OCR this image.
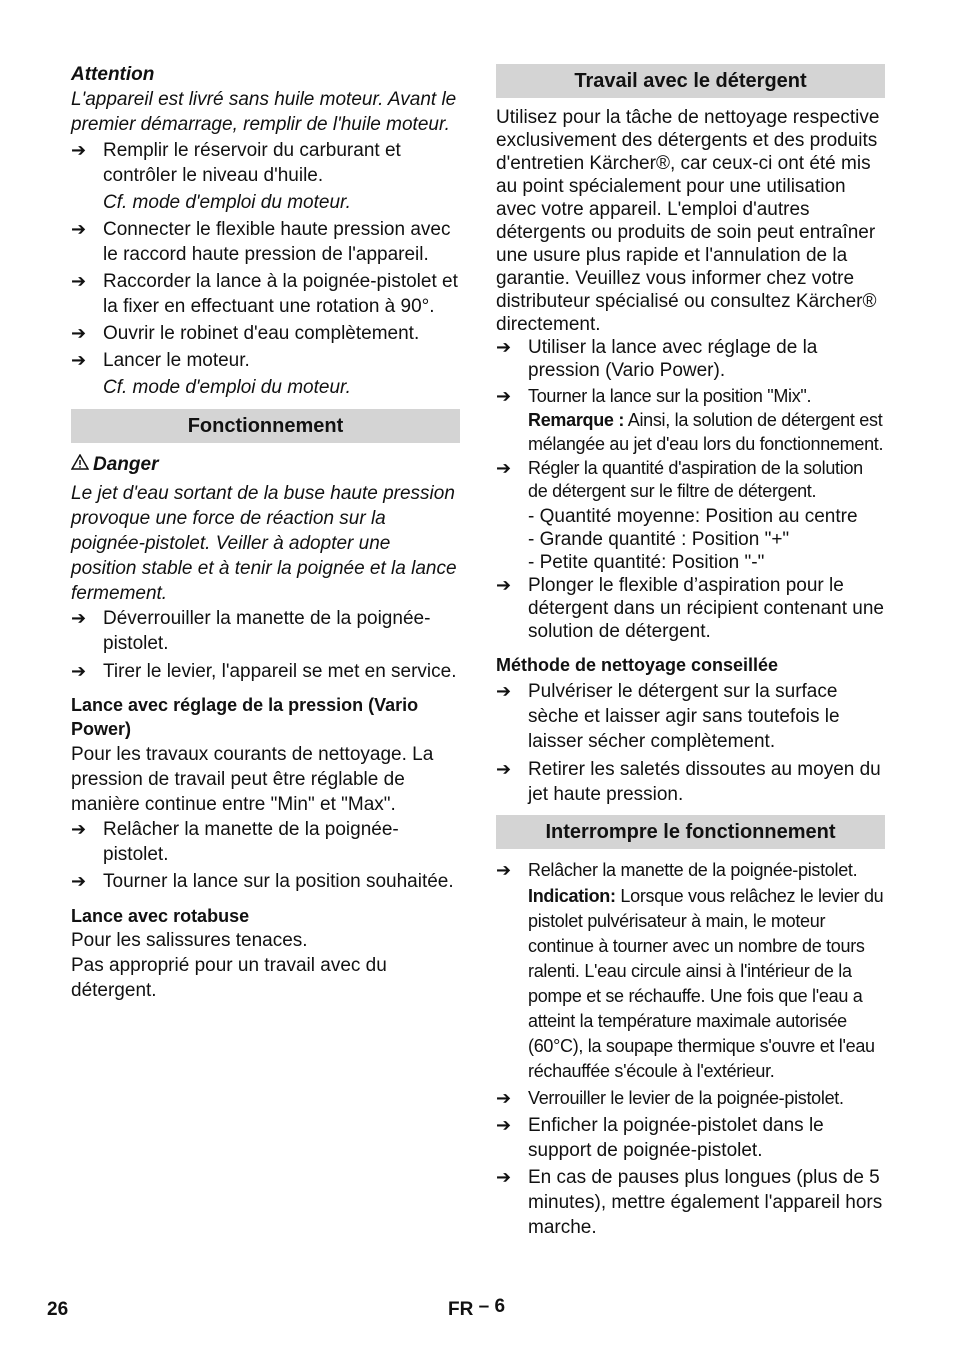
Attention

L'appareil est livré sans huile moteur. Avant le premier démarrage, remplir de l'huile moteur.

➔ Remplir le réservoir du carburant et contrôler le niveau d'huile.

Cf. mode d'emploi du moteur.

➔ Connecter le flexible haute pression avec le raccord haute pression de l'appareil.
➔ Raccorder la lance à la poignée-pistolet et la fixer en effectuant une rotation à 90°.
➔ Ouvrir le robinet d'eau complètement.
➔ Lancer le moteur.

Cf. mode d'emploi du moteur.

Fonctionnement

Danger

Le jet d'eau sortant de la buse haute pression provoque une force de réaction sur la poignée-pistolet. Veiller à adopter une position stable et à tenir la poignée et la lance fermement.

➔ Déverrouiller la manette de la poignée-pistolet.
➔ Tirer le levier, l'appareil se met en service.

Lance avec réglage de la pression (Vario Power)

Pour les travaux courants de nettoyage. La pression de travail peut être réglable de manière continue entre "Min" et "Max".

➔ Relâcher la manette de la poignée-pistolet.
➔ Tourner la lance sur la position souhaitée.

Lance avec rotabuse

Pour les salissures tenaces.

Pas approprié pour un travail avec du détergent.

Travail avec le détergent

Utilisez pour la tâche de nettoyage respective exclusivement des détergents et des produits d'entretien Kärcher®, car ceux-ci ont été mis au point spécialement pour une utilisation avec votre appareil. L'emploi d'autres détergents ou produits de soin peut entraîner une usure plus rapide et l'annulation de la garantie. Veuillez vous informer chez votre distributeur spécialisé ou consultez Kärcher® directement.

➔ Utiliser la lance avec réglage de la pression (Vario Power).
➔ Tourner la lance sur la position "Mix".

Remarque : Ainsi, la solution de détergent est mélangée au jet d'eau lors du fonctionnement.

➔ Régler la quantité d'aspiration de la solution de détergent sur le filtre de détergent.

- Quantité moyenne: Position au centre

- Grande quantité : Position "+"

- Petite quantité: Position "-"

➔ Plonger le flexible d’aspiration pour le détergent dans un récipient contenant une solution de détergent.

Méthode de nettoyage conseillée

➔ Pulvériser le détergent sur la surface sèche et laisser agir sans toutefois le laisser sécher complètement.
➔ Retirer les saletés dissoutes au moyen du jet haute pression.
Interrompre le fonctionnement
➔ Relâcher la manette de la poignée-pistolet.

Indication: Lorsque vous relâchez le levier du pistolet pulvérisateur à main, le moteur continue à tourner avec un nombre de tours ralenti. L'eau circule ainsi à l'intérieur de la pompe et se réchauffe. Une fois que l'eau a atteint la température maximale autorisée (60°C), la soupape thermique s'ouvre et l'eau réchauffée s'écoule à l'extérieur.

➔ Verrouiller le levier de la poignée-pistolet.
➔ Enficher la poignée-pistolet dans le support de poignée-pistolet.
➔ En cas de pauses plus longues (plus de 5 minutes), mettre également l'appareil hors marche.
26	FR – 6
